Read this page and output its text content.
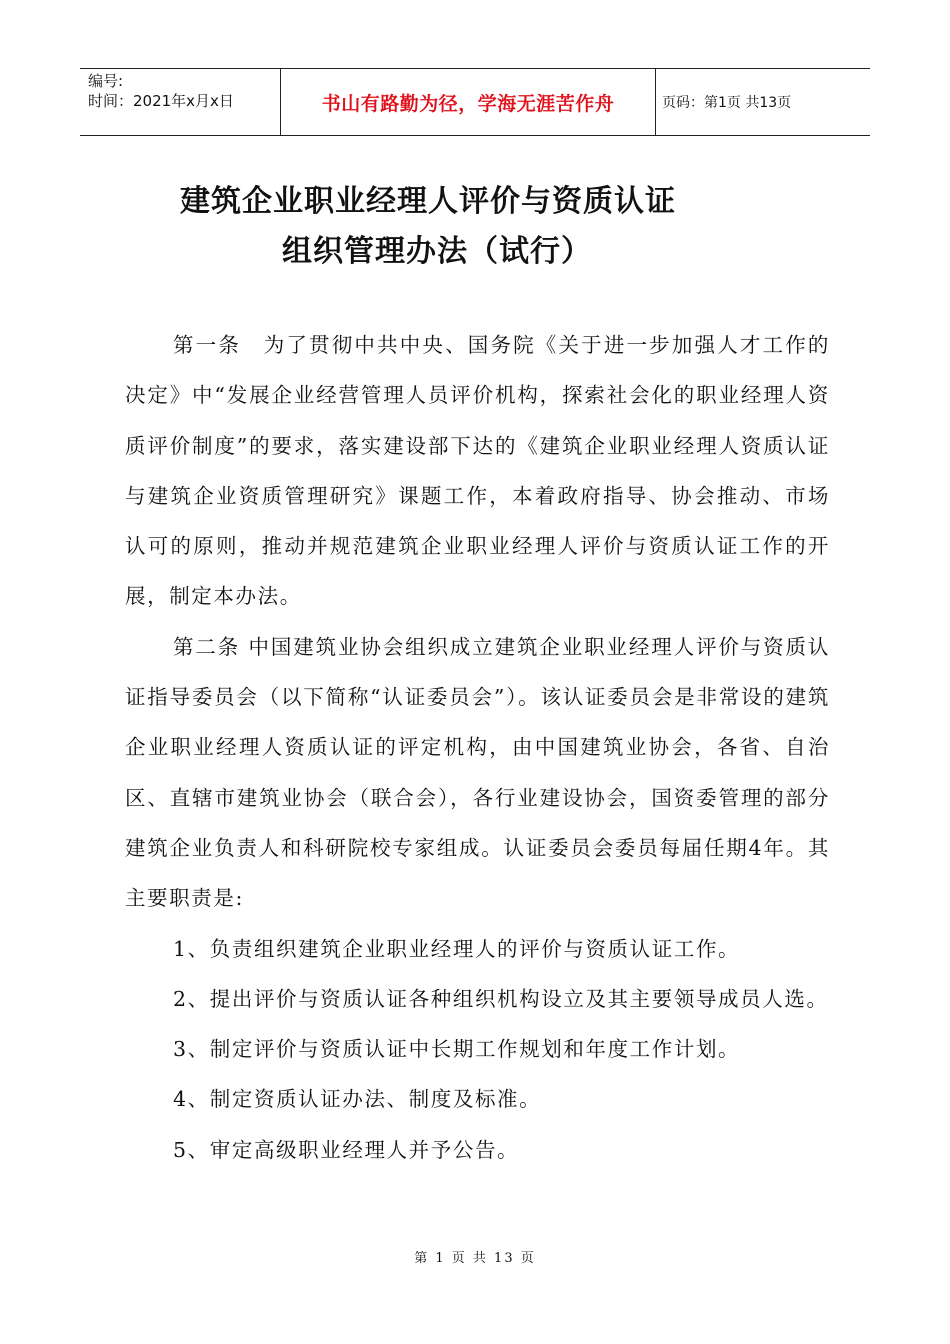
编号:
时间：2021年x月x日	书山有路勤为径，学海无涯苦作舟	页码：第1页 共13页
建筑企业职业经理人评价与资质认证
组织管理办法（试行）

第一条　为了贯彻中共中央、国务院《关于进一步加强人才工作的决定》中“发展企业经营管理人员评价机构，探索社会化的职业经理人资质评价制度”的要求，落实建设部下达的《建筑企业职业经理人资质认证与建筑企业资质管理研究》课题工作，本着政府指导、协会推动、市场认可的原则，推动并规范建筑企业职业经理人评价与资质认证工作的开展，制定本办法。

第二条 中国建筑业协会组织成立建筑企业职业经理人评价与资质认证指导委员会（以下简称“认证委员会”）。该认证委员会是非常设的建筑企业职业经理人资质认证的评定机构，由中国建筑业协会，各省、自治区、直辖市建筑业协会（联合会），各行业建设协会，国资委管理的部分建筑企业负责人和科研院校专家组成。认证委员会委员每届任期4年。其主要职责是:

1、负责组织建筑企业职业经理人的评价与资质认证工作。

2、提出评价与资质认证各种组织机构设立及其主要领导成员人选。

3、制定评价与资质认证中长期工作规划和年度工作计划。

4、制定资质认证办法、制度及标准。

5、审定高级职业经理人并予公告。

第 1 页 共 13 页
